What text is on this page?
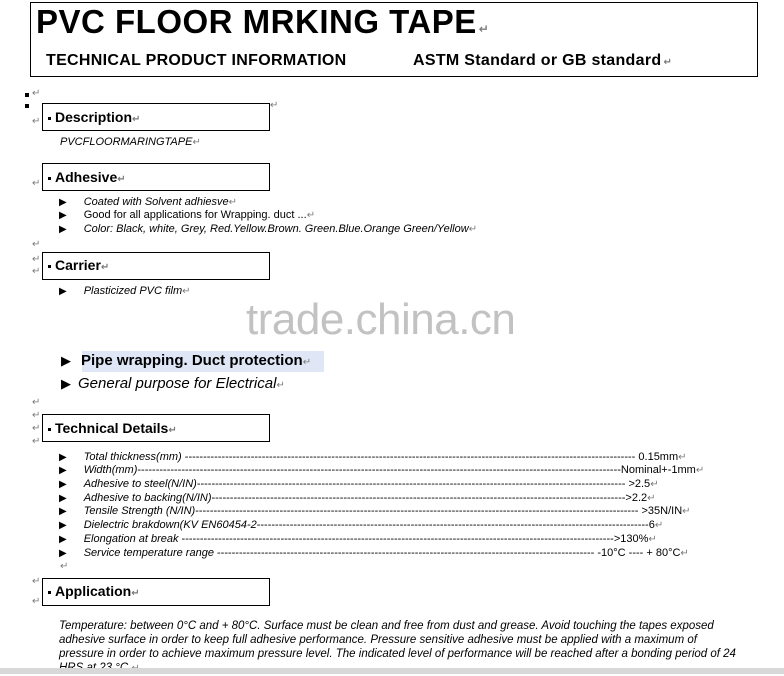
PVC FLOOR MRKING TAPE ↵
TECHNICAL PRODUCT INFORMATION	ASTM Standard or GB standard ↵
↵
↵
↵
Description↵
PVCFLOORMARINGTAPE↵
↵	Adhesive↵
▶ Coated with Solvent adhiesve↵
▶ Good for all applications for Wrapping. duct ...↵
▶ Color: Black, white, Grey, Red.Yellow.Brown. Green.Blue.Orange Green/Yellow↵
↵
↵
↵	Carrier↵
▶ Plasticized PVC film↵
trade.china.cn
▶ Pipe wrapping. Duct protection↵
▶ General purpose for Electrical↵
↵
↵
↵
↵
Technical Details↵
▶ Total thickness(mm) --------------------------------------------------------------------------------------------------------------------------- 0.15mm↵
▶ Width(mm)------------------------------------------------------------------------------------------------------------------------------------Nominal+-1mm↵
▶ Adhesive to steel(N/IN)--------------------------------------------------------------------------------------------------------------------- >2.5↵
▶ Adhesive to backing(N/IN)----------------------------------------------------------------------------------------------------------------->2.2↵
▶ Tensile Strength (N/IN)------------------------------------------------------------------------------------------------------------------------- >35N/IN↵
▶ Dielectric brakdown(KV EN60454-2-----------------------------------------------------------------------------------------------------------6↵
▶ Elongation at break ---------------------------------------------------------------------------------------------------------------------->130%↵
▶ Service temperature range ------------------------------------------------------------------------------------------------------- -10°C ---- + 80°C↵
↵
↵
↵
Application↵
Temperature: between 0°C and + 80°C. Surface must be clean and free from dust and grease. Avoid touching the tapes exposed adhesive surface in order to keep full adhesive performance. Pressure sensitive adhesive must be applied with a maximum of pressure in order to achieve maximum pressure level. The indicated level of performance will be reached after a bonding period of 24
